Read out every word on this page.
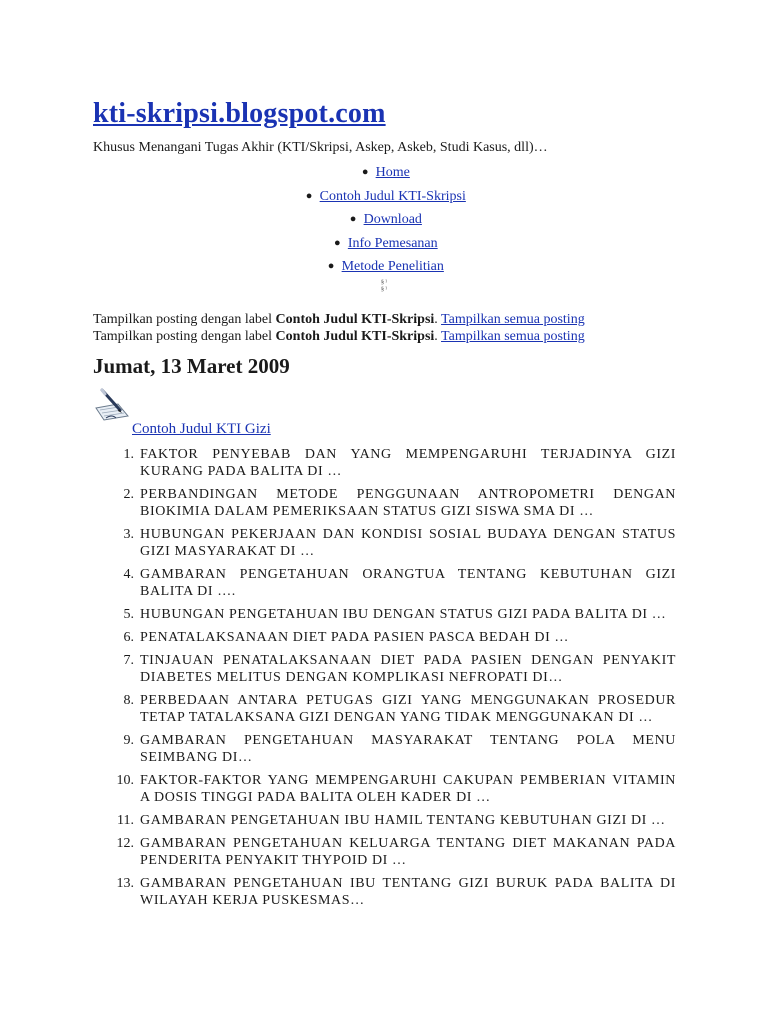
kti-skripsi.blogspot.com
Khusus Menangani Tugas Akhir (KTI/Skripsi, Askep, Askeb, Studi Kasus, dll)…
● Home
● Contoh Judul KTI-Skripsi
● Download
● Info Pemesanan
● Metode Penelitian
§ ˀ
§ ˀ
Tampilkan posting dengan label Contoh Judul KTI-Skripsi. Tampilkan semua posting
Tampilkan posting dengan label Contoh Judul KTI-Skripsi. Tampilkan semua posting
Jumat, 13 Maret 2009
Contoh Judul KTI Gizi
1. FAKTOR PENYEBAB DAN YANG MEMPENGARUHI TERJADINYA GIZI KURANG PADA BALITA DI …
2. PERBANDINGAN METODE PENGGUNAAN ANTROPOMETRI DENGAN BIOKIMIA DALAM PEMERIKSAAN STATUS GIZI SISWA SMA DI …
3. HUBUNGAN PEKERJAAN DAN KONDISI SOSIAL BUDAYA DENGAN STATUS GIZI MASYARAKAT DI …
4. GAMBARAN PENGETAHUAN ORANGTUA TENTANG KEBUTUHAN GIZI BALITA DI ….
5. HUBUNGAN PENGETAHUAN IBU DENGAN STATUS GIZI PADA BALITA DI …
6. PENATALAKSANAAN DIET PADA PASIEN PASCA BEDAH DI …
7. TINJAUAN PENATALAKSANAAN DIET PADA PASIEN DENGAN PENYAKIT DIABETES MELITUS DENGAN KOMPLIKASI NEFROPATI DI…
8. PERBEDAAN ANTARA PETUGAS GIZI YANG MENGGUNAKAN PROSEDUR TETAP TATALAKSANA GIZI DENGAN YANG TIDAK MENGGUNAKAN DI …
9. GAMBARAN PENGETAHUAN MASYARAKAT TENTANG POLA MENU SEIMBANG DI…
10. FAKTOR-FAKTOR YANG MEMPENGARUHI CAKUPAN PEMBERIAN VITAMIN A DOSIS TINGGI PADA BALITA OLEH KADER DI …
11. GAMBARAN PENGETAHUAN IBU HAMIL TENTANG KEBUTUHAN GIZI DI …
12. GAMBARAN PENGETAHUAN KELUARGA TENTANG DIET MAKANAN PADA PENDERITA PENYAKIT THYPOID DI …
13. GAMBARAN PENGETAHUAN IBU TENTANG GIZI BURUK PADA BALITA DI WILAYAH KERJA PUSKESMAS…
